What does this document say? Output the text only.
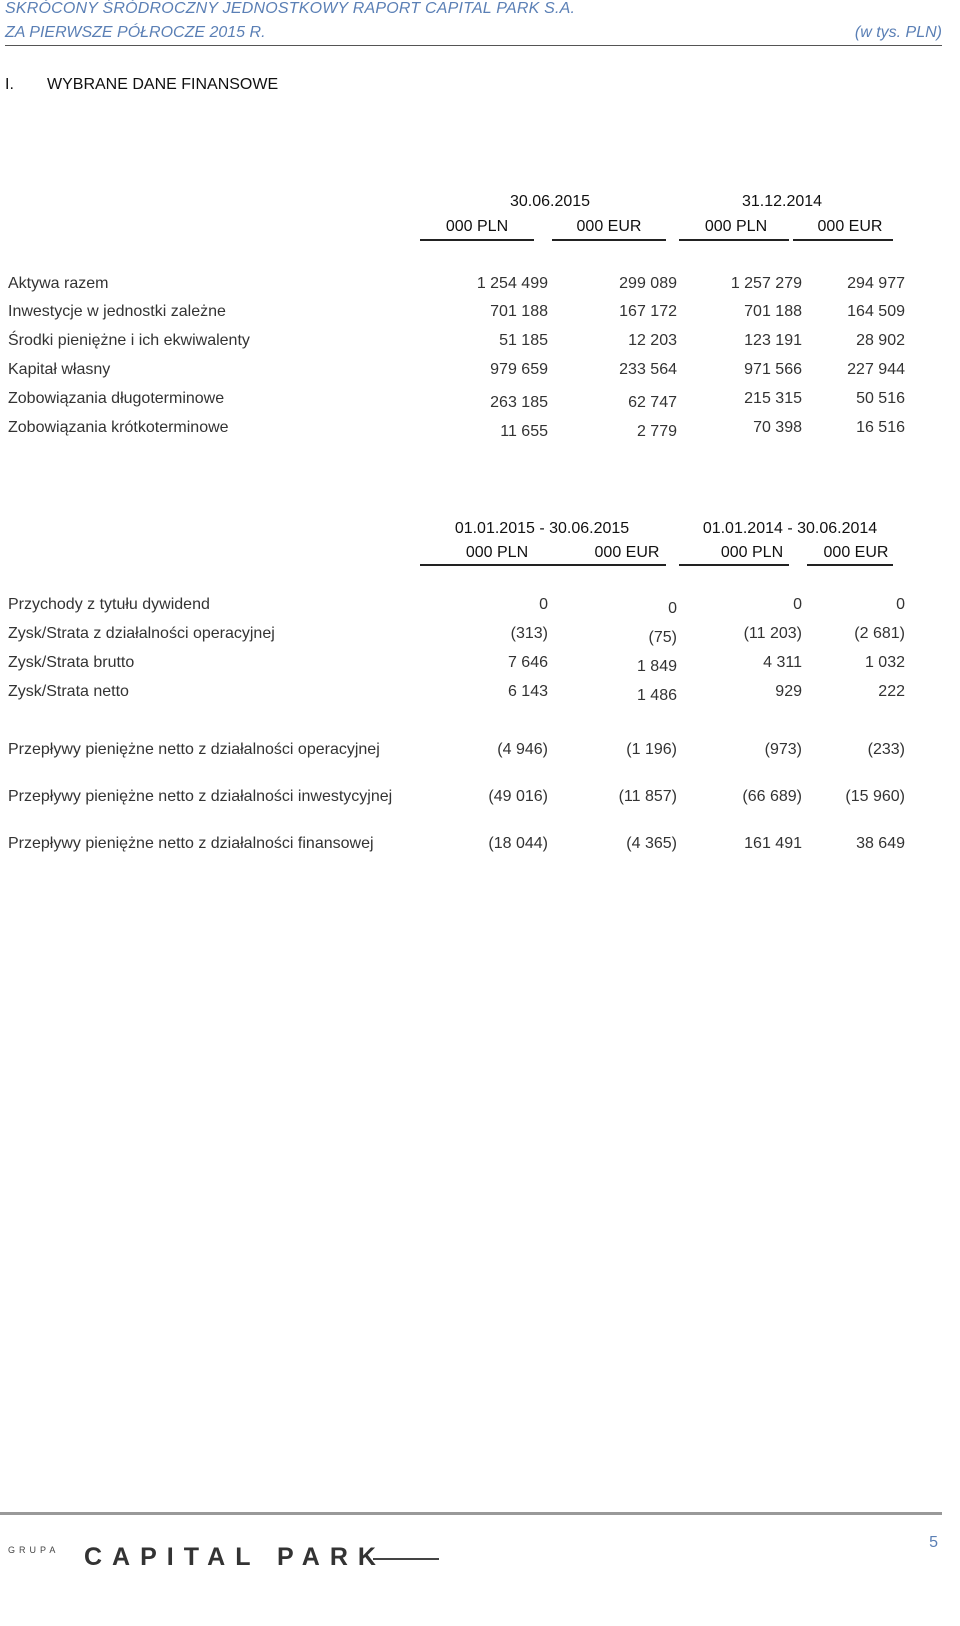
SKRÓCONY ŚRÓDROCZNY JEDNOSTKOWY RAPORT CAPITAL PARK S.A.
ZA PIERWSZE PÓŁROCZE 2015 R.	(w tys. PLN)
I. WYBRANE DANE FINANSOWE
30.06.2015	31.12.2014
000 PLN	000 EUR	000 PLN	000 EUR
Aktywa razem	1 254 499	299 089	1 257 279	294 977
Inwestycje w jednostki zależne	701 188	167 172	701 188	164 509
Środki pieniężne i ich ekwiwalenty	51 185	12 203	123 191	28 902
Kapitał własny	979 659	233 564	971 566	227 944
Zobowiązania długoterminowe	263 185	62 747	215 315	50 516
Zobowiązania krótkoterminowe	11 655	2 779	70 398	16 516
01.01.2015 - 30.06.2015	01.01.2014 - 30.06.2014
000 PLN	000 EUR	000 PLN	000 EUR
Przychody z tytułu dywidend	0	0	0	0
Zysk/Strata z działalności operacyjnej	(313)	(75)	(11 203)	(2 681)
Zysk/Strata brutto	7 646	1 849	4 311	1 032
Zysk/Strata netto	6 143	1 486	929	222
Przepływy pieniężne netto z działalności operacyjnej	(4 946)	(1 196)	(973)	(233)
Przepływy pieniężne netto z działalności inwestycyjnej	(49 016)	(11 857)	(66 689)	(15 960)
Przepływy pieniężne netto z działalności finansowej	(18 044)	(4 365)	161 491	38 649
5
GRUPA CAPITAL PARK
